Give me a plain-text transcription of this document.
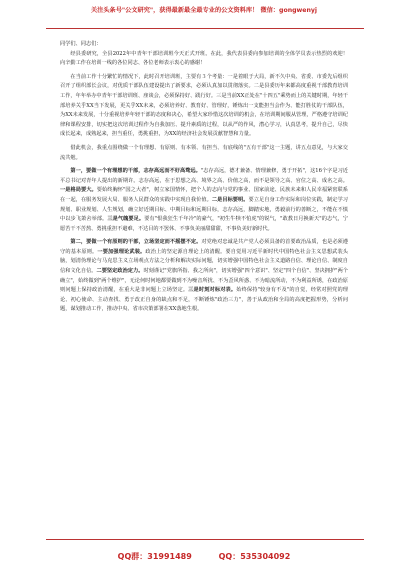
关注头条号"公文研究"，获得最新最全最专业的公文资料库！ 微信：gongwenyj

同学们、同志们：

经县委研究，全县2022年中青年干部培训班今天正式开班。在此，我代表县委向参加培训的全体学员表示热烈的欢迎！向辛勤工作在培训一线的各位同志、各位老师表示衷心的感谢！

在当前工作十分繁忙的情况下，此时召开培训班，主要有３个考量：一是着眼于大局，新不久中央、省委、市委先后组织召开了组织部长会议，对优质干部队伍建设提出了新要求，必须认真加以贯彻落实。二是县委历年来都高度重视干部教育培训工作，年年举办中青年干部培训班、座谈会，必须保持好、践行好。三是当前XX正处在"十四五"乘势而上的关键时期，年轻干部培养关乎XX当下发展，更关乎XX未来，必须培养好、教育好、管理好，锤炼出一支能担当会作为、能打胜仗的干部队伍，为XX未来发展，十分重视培养年轻干部的态度和决心，希望大家珍惜这次培训的机会，在培训期间服从管理，严格遵守培训纪律和课程安排，切实把这次培训过程作为自我加压、提升素质的过程，以从严的作风，潜心学习，认真思考，提升自己，尽快成长起来，成熟起来，担当重任，勇挑重担，为XX的经济社会发展贡献智慧和力量。

借此机会，我重点围绕做一个有理想、有原则、有本领、有担当、有底线的"五有干部"这一主题，讲五点意见，与大家交流共勉。

第一，要做一个有理想的干部，志存高远而不好高骛远。"志存高远，德才兼备、情理兼修，勇于开拓"，这16个字是习近平总书记对青年人提出的新期许。志存高远，在于思想之高、境界之高、价值之高，而不是领导之高、官位之高、成名之高。一是格局要大。要始终胸怀"国之大者"，树立家国情怀，把个人的志向与党的事业、国家前途、民族未来和人民幸福紧密联系在一起，在服务发展大局、服务人民群众的实践中实现自我价值。二是目标要明。要立足自身工作实际和岗位实践，制定学习规划、职业规划、人生规划，确立好近期目标、中期目标和远期目标，志存高远，脚踏实地，勇毅前行的善断之，不能在不慎中以步飞萧舍举部。三是气魄要足。要有"恨我狂生千年冷"的豪气，"初生牛犊不怕虎"的锐气，"敢教日月换新天"的志气，宁愿苦干不苦熬、勇挑重担不避难，不达目的不罢休、不事负美丽甜甜甜，不事负美好新时代。

第二，要做一个有原则的干部，立场坚定而不摇摆不定。对党绝对忠诚是共产党人必须具备的首要政治品质，也是必须遵守的基本原则。一要加强理论武装。政治上的坚定源自理论上的清醒。要自觉用习近平新时代中国特色社会主义思想武装头脑，划清伪理论与马克思主义立场观点方法之分析和解决实际问题，切实增强中国特色社会主义道路自信、理论自信、制度自信和文化自信。二要坚定政治定力。时刻谨记"党旗所指、我之所向"，切实增强"四个意识"、坚定"四个自信"、坚决拥护"两个确立"，始终做到"两个维护"，无论何时何地都要做到不为噪音所扰、不为歪风所惑、不为暗流所动，不为利益所诱，在政治原则问题上保持政治清醒，在重大是非问题上立场坚定。三是时刻对标对表。始终保持"较身有不及"的自觉，经常对照党的理论、初心使命、主动查找、勇于改正自身的缺点和不足，不断锤炼"政治三力"，善于从政治和全局的高度把握形势，分析问题，谋划推动工作，推动中央、省市决策部署在XX落地生根。

QQ群：31991489	QQ：535304092
